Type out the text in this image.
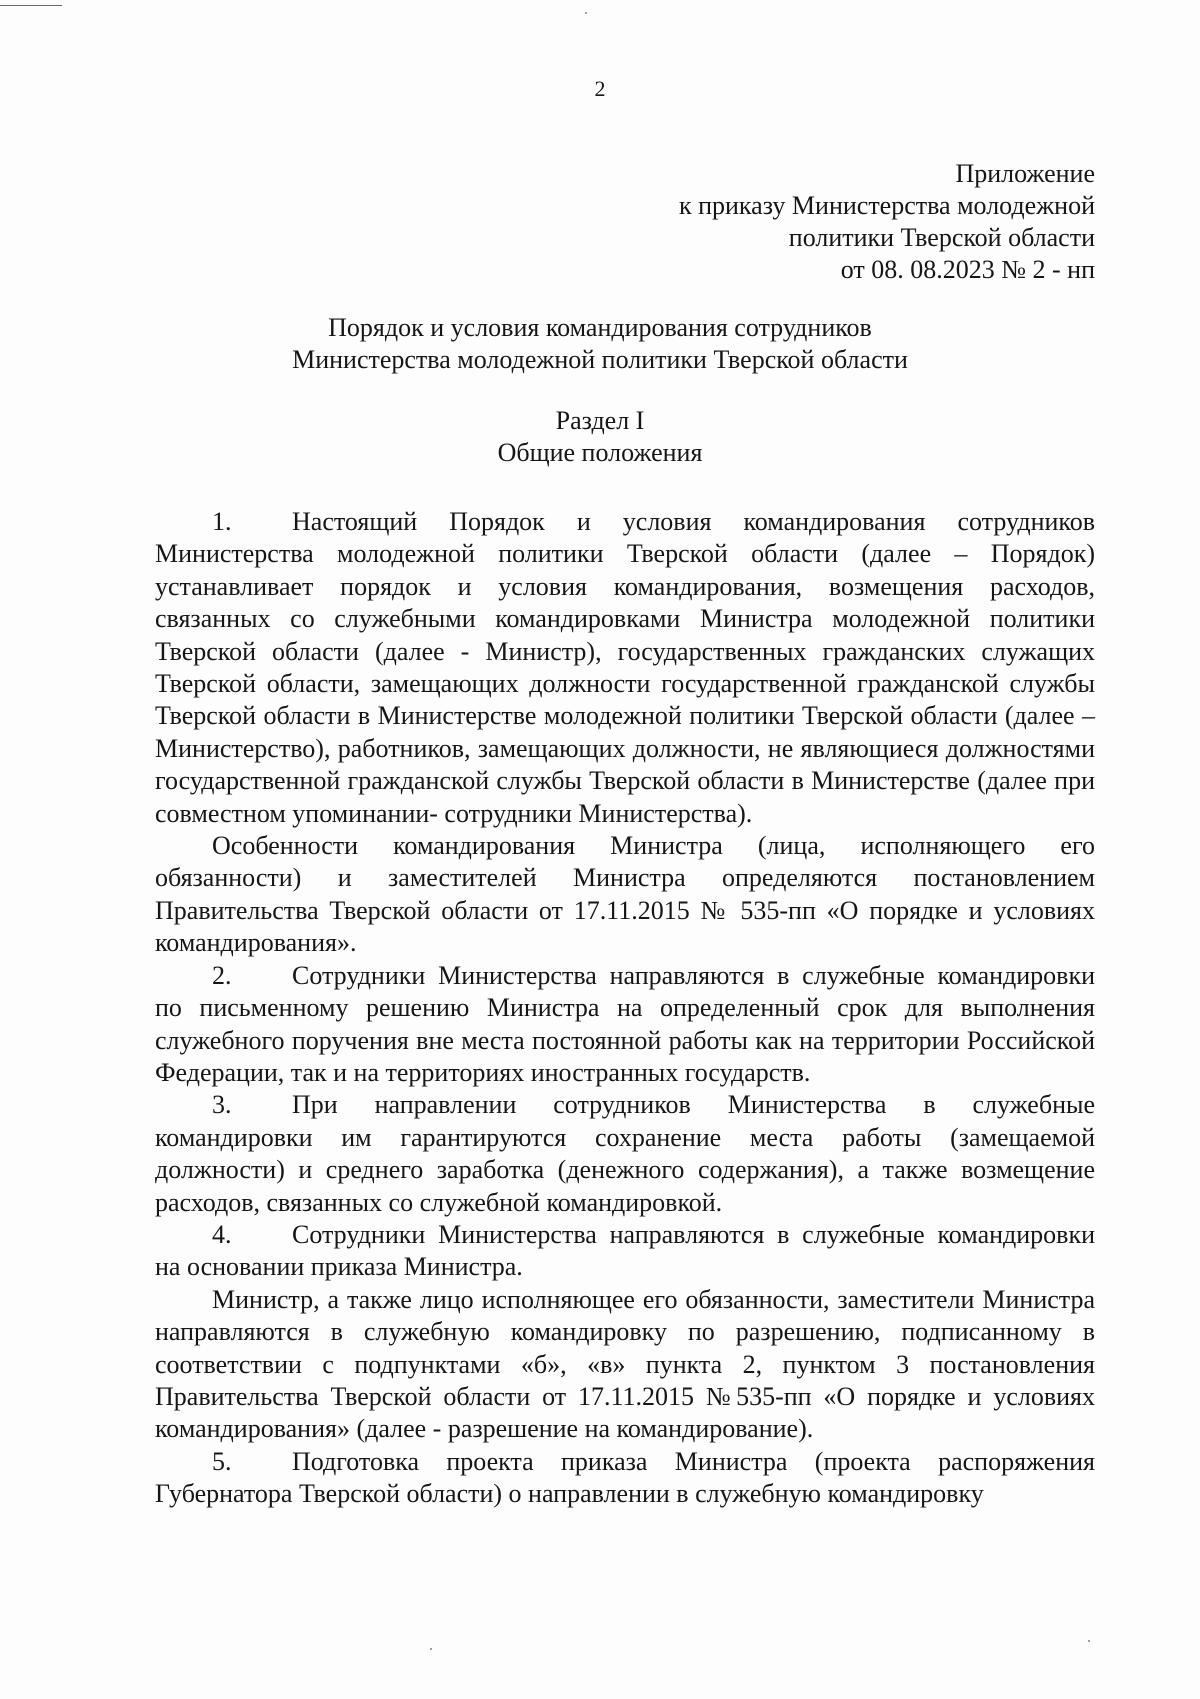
2
Приложение
к приказу Министерства молодежной
политики Тверской области
от 08. 08.2023 № 2 - нп
Порядок и условия командирования сотрудников
Министерства молодежной политики Тверской области
Раздел I
Общие положения

1. Настоящий Порядок и условия командирования сотрудников Министерства молодежной политики Тверской области (далее – Порядок) устанавливает порядок и условия командирования, возмещения расходов, связанных со служебными командировками Министра молодежной политики Тверской области (далее - Министр), государственных гражданских служащих Тверской области, замещающих должности государственной гражданской службы Тверской области в Министерстве молодежной политики Тверской области (далее – Министерство), работников, замещающих должности, не являющиеся должностями государственной гражданской службы Тверской области в Министерстве (далее при совместном упоминании- сотрудники Министерства).

Особенности командирования Министра (лица, исполняющего его обязанности) и заместителей Министра определяются постановлением Правительства Тверской области от 17.11.2015 № 535-пп «О порядке и условиях командирования».

2. Сотрудники Министерства направляются в служебные командировки по письменному решению Министра на определенный срок для выполнения служебного поручения вне места постоянной работы как на территории Российской Федерации, так и на территориях иностранных государств.

3. При направлении сотрудников Министерства в служебные командировки им гарантируются сохранение места работы (замещаемой должности) и среднего заработка (денежного содержания), а также возмещение расходов, связанных со служебной командировкой.

4. Сотрудники Министерства направляются в служебные командировки на основании приказа Министра.

Министр, а также лицо исполняющее его обязанности, заместители Министра направляются в служебную командировку по разрешению, подписанному в соответствии с подпунктами «б», «в» пункта 2, пунктом 3 постановления Правительства Тверской области от 17.11.2015 №535-пп «О порядке и условиях командирования» (далее - разрешение на командирование).

5. Подготовка проекта приказа Министра (проекта распоряжения Губернатора Тверской области) о направлении в служебную командировку
